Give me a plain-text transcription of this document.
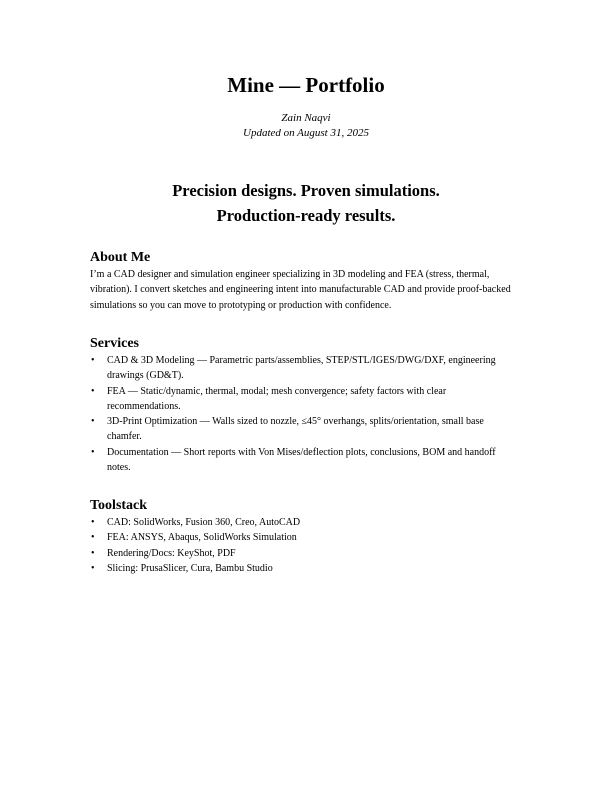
Mine — Portfolio

Zain Naqvi

Updated on August 31, 2025

Precision designs. Proven simulations.
Production-ready results.
About Me

I’m a CAD designer and simulation engineer specializing in 3D modeling and FEA (stress, thermal, vibration). I convert sketches and engineering intent into manufacturable CAD and provide proof-backed simulations so you can move to prototyping or production with confidence.

Services
• CAD & 3D Modeling — Parametric parts/assemblies, STEP/STL/IGES/DWG/DXF, engineering drawings (GD&T).
• FEA — Static/dynamic, thermal, modal; mesh convergence; safety factors with clear recommendations.
• 3D-Print Optimization — Walls sized to nozzle, ≤45° overhangs, splits/orientation, small base chamfer.
• Documentation — Short reports with Von Mises/deflection plots, conclusions, BOM and handoff notes.
Toolstack
• CAD: SolidWorks, Fusion 360, Creo, AutoCAD
• FEA: ANSYS, Abaqus, SolidWorks Simulation
• Rendering/Docs: KeyShot, PDF
• Slicing: PrusaSlicer, Cura, Bambu Studio
